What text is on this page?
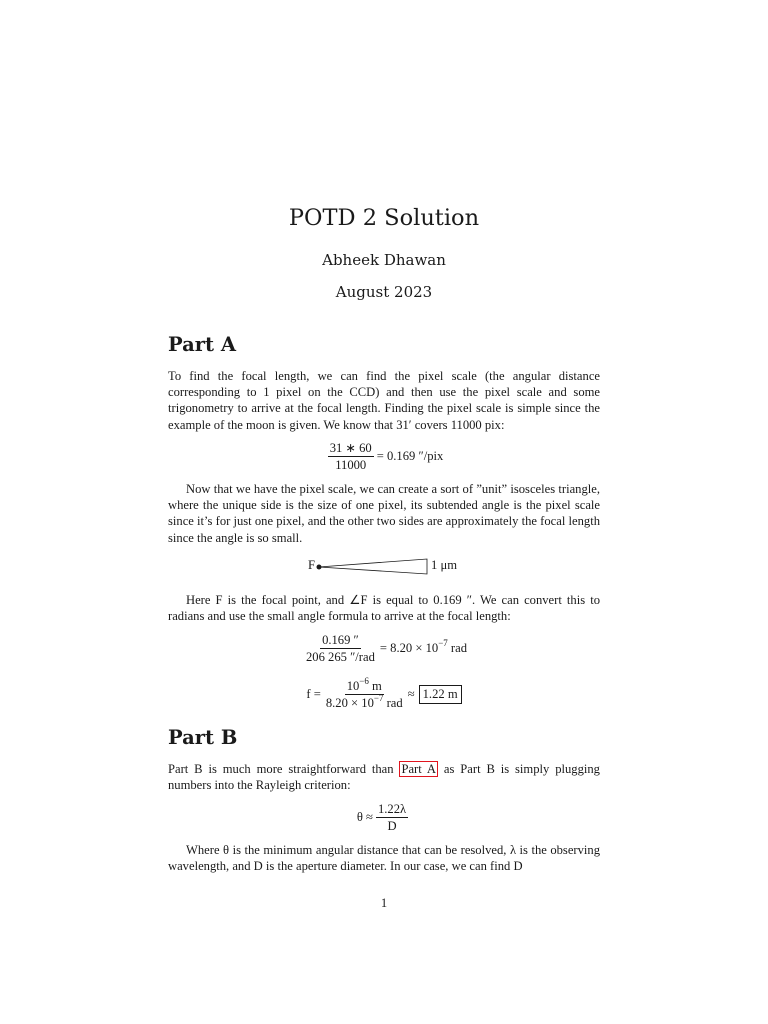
POTD 2 Solution
Abheek Dhawan
August 2023
Part A
To find the focal length, we can find the pixel scale (the angular distance corresponding to 1 pixel on the CCD) and then use the pixel scale and some trigonometry to arrive at the focal length. Finding the pixel scale is simple since the example of the moon is given. We know that 31′ covers 11000 pix:
$\frac{31 ∗ 60}{11000} = 0.169$ ″/pix
Now that we have the pixel scale, we can create a sort of ”unit” isosceles triangle, where the unique side is the size of one pixel, its subtended angle is the pixel scale since it’s for just one pixel, and the other two sides are approximately the focal length since the angle is so small.
F	1 μm
Here F is the focal point, and ∠F is equal to 0.169 ″. We can convert this to radians and use the small angle formula to arrive at the focal length:
$\frac{0.169 ''}{\text{206 265 ″/rad}} = 8.20 \times 10^{-7}$ rad
$f = \frac{10^{-6} m}{8.20 \times 10^{-7} rad} \approx 1.22$ m
Part B
Part B is much more straightforward than Part A as Part B is simply plugging numbers into the Rayleigh criterion:
$\theta \approx \frac{1.22\lambda}{D}$
Where θ is the minimum angular distance that can be resolved, λ is the observing wavelength, and D is the aperture diameter. In our case, we can find D
1
